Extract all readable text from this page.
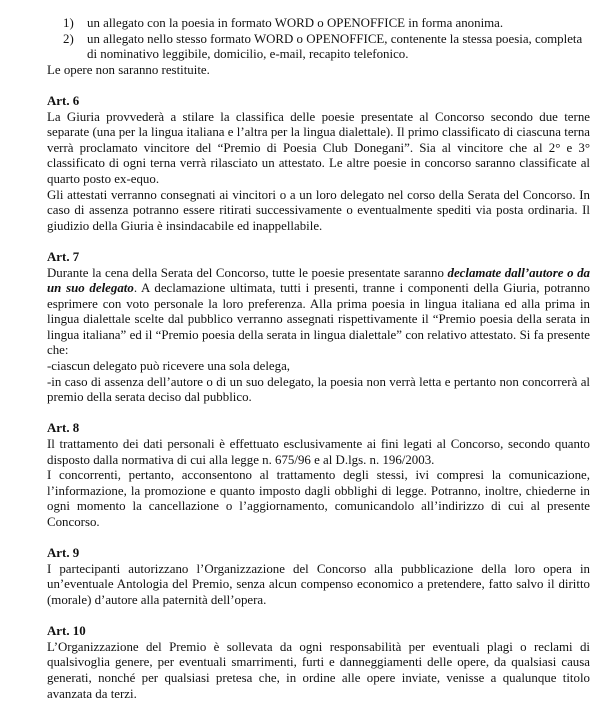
1) un allegato con la poesia in formato WORD o OPENOFFICE in forma anonima.
2) un allegato nello stesso formato WORD o OPENOFFICE, contenente la stessa poesia, completa di nominativo leggibile, domicilio, e-mail, recapito telefonico.

Le opere non saranno restituite.

Art. 6

La Giuria provvederà a stilare la classifica delle poesie presentate al Concorso secondo due terne separate (una per la lingua italiana e l’altra per la lingua dialettale). Il primo classificato di ciascuna terna verrà proclamato vincitore del “Premio di Poesia Club Donegani”. Sia al vincitore che al 2° e 3° classificato di ogni terna verrà rilasciato un attestato. Le altre poesie in concorso saranno classificate al quarto posto ex-equo.

Gli attestati verranno consegnati ai vincitori o a un loro delegato nel corso della Serata del Concorso. In caso di assenza potranno essere ritirati successivamente o eventualmente spediti via posta ordinaria. Il giudizio della Giuria è insindacabile ed inappellabile.

Art. 7

Durante la cena della Serata del Concorso, tutte le poesie presentate saranno declamate dall’autore o da un suo delegato. A declamazione ultimata, tutti i presenti, tranne i componenti della Giuria, potranno esprimere con voto personale la loro preferenza. Alla prima poesia in lingua italiana ed alla prima in lingua dialettale scelte dal pubblico verranno assegnati rispettivamente il “Premio poesia della serata in lingua italiana” ed il “Premio poesia della serata in lingua dialettale” con relativo attestato. Si fa presente che:

-ciascun delegato può ricevere una sola delega,

-in caso di assenza dell’autore o di un suo delegato, la poesia non verrà letta e pertanto non concorrerà al premio della serata deciso dal pubblico.

Art. 8

Il trattamento dei dati personali è effettuato esclusivamente ai fini legati al Concorso, secondo quanto disposto dalla normativa di cui alla legge n. 675/96 e al D.lgs. n. 196/2003.

I concorrenti, pertanto, acconsentono al trattamento degli stessi, ivi compresi la comunicazione, l’informazione, la promozione e quanto imposto dagli obblighi di legge. Potranno, inoltre, chiederne in ogni momento la cancellazione o l’aggiornamento, comunicandolo all’indirizzo di cui al presente Concorso.

Art. 9

I partecipanti autorizzano l’Organizzazione del Concorso alla pubblicazione della loro opera in un’eventuale Antologia del Premio, senza alcun compenso economico a pretendere, fatto salvo il diritto (morale) d’autore alla paternità dell’opera.

Art. 10

L’Organizzazione del Premio è sollevata da ogni responsabilità per eventuali plagi o reclami di qualsivoglia genere, per eventuali smarrimenti, furti e danneggiamenti delle opere, da qualsiasi causa generati, nonché per qualsiasi pretesa che, in ordine alle opere inviate, venisse a qualunque titolo avanzata da terzi.
